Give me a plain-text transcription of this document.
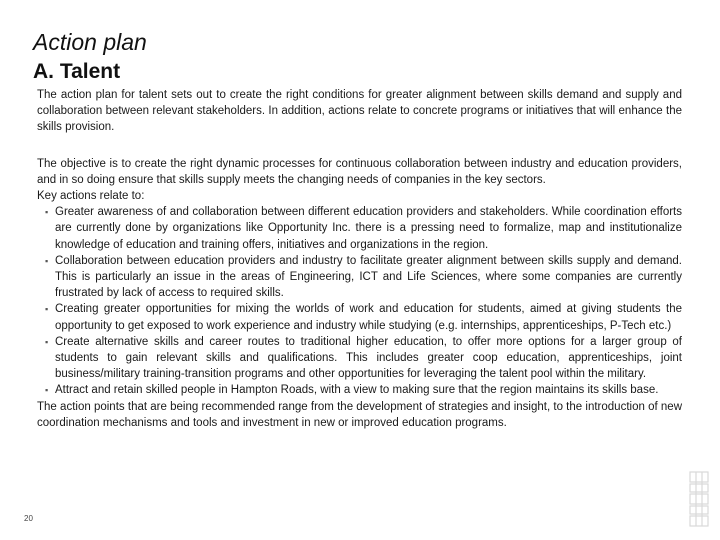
Action plan
A. Talent

The action plan for talent sets out to create the right conditions for greater alignment between skills demand and supply and collaboration between relevant stakeholders. In addition, actions relate to concrete programs or initiatives that will enhance the skills provision.

The objective is to create the right dynamic processes for continuous collaboration between industry and education providers, and in so doing ensure that skills supply meets the changing needs of companies in the key sectors.

Key actions relate to:

▪ Greater awareness of and collaboration between different education providers and stakeholders. While coordination efforts are currently done by organizations like Opportunity Inc. there is a pressing need to formalize, map and institutionalize knowledge of education and training offers, initiatives and organizations in the region.
▪ Collaboration between education providers and industry to facilitate greater alignment between skills supply and demand. This is particularly an issue in the areas of Engineering, ICT and Life Sciences, where some companies are currently frustrated by lack of access to required skills.
▪ Creating greater opportunities for mixing the worlds of work and education for students, aimed at giving students the opportunity to get exposed to work experience and industry while studying (e.g. internships, apprenticeships, P-Tech etc.)
▪ Create alternative skills and career routes to traditional higher education, to offer more options for a larger group of students to gain relevant skills and qualifications. This includes greater coop education, apprenticeships, joint business/military training-transition programs and other opportunities for leveraging the talent pool within the military.
▪ Attract and retain skilled people in Hampton Roads, with a view to making sure that the region maintains its skills base.

The action points that are being recommended range from the development of strategies and insight, to the introduction of new coordination mechanisms and tools and investment in new or improved education programs.

20
